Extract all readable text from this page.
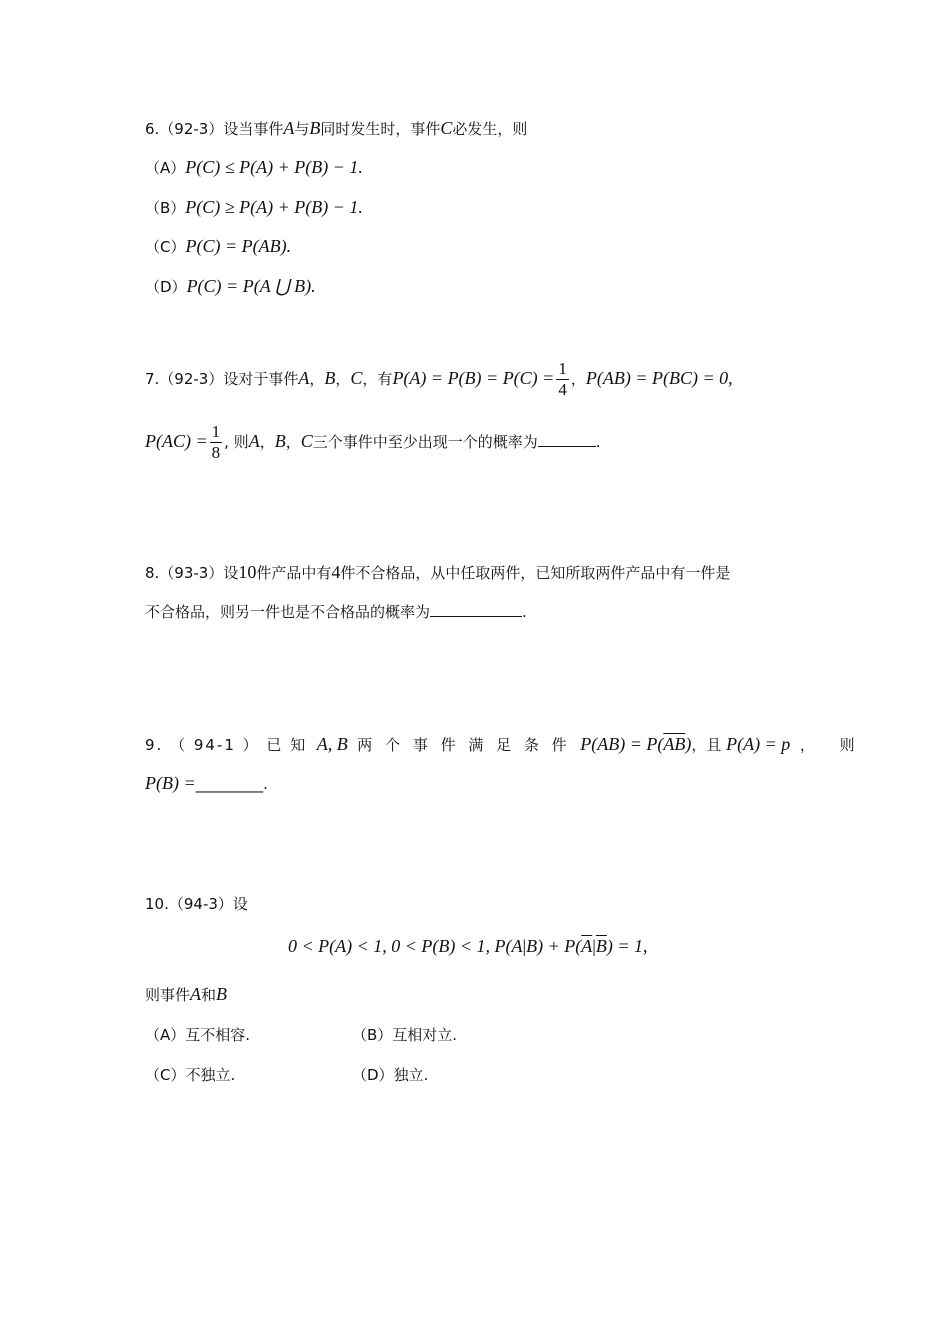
6.（92-3）设当事件A与B同时发生时，事件C必发生，则
（A）P(C) ≤ P(A) + P(B) − 1.
（B）P(C) ≥ P(A) + P(B) − 1.
（C）P(C) = P(AB).
（D）P(C) = P(A ⋃ B).
7.（92-3）设对于事件A，B，C，有$P(A) = P(B) = P(C) = \frac{1}{4}$ ，P(AB) = P(BC) = 0,
$P(AC) = \frac{1}{8}$ , 则A，B，C三个事件中至少出现一个的概率为	.
8.（93-3）设10件产品中有4件不合格品，从中任取两件，已知所取两件产品中有一件是
不合格品，则另一件也是不合格品的概率为	.
9. （ 94-1 ） 已 知 A, B 两 个 事 件 满 足 条 件 $P(AB) = P(\overline{AB})$，且 P(A) = p ， 则
P(B) =_________.
10.（94-3）设
0 < P(A) < 1, 0 < P(B) < 1, $P(A|B) + P(\overline{A}|\overline{B}) = 1$,
则事件A和B
（A）互不相容.	（B）互相对立.
（C）不独立.	（D）独立.
